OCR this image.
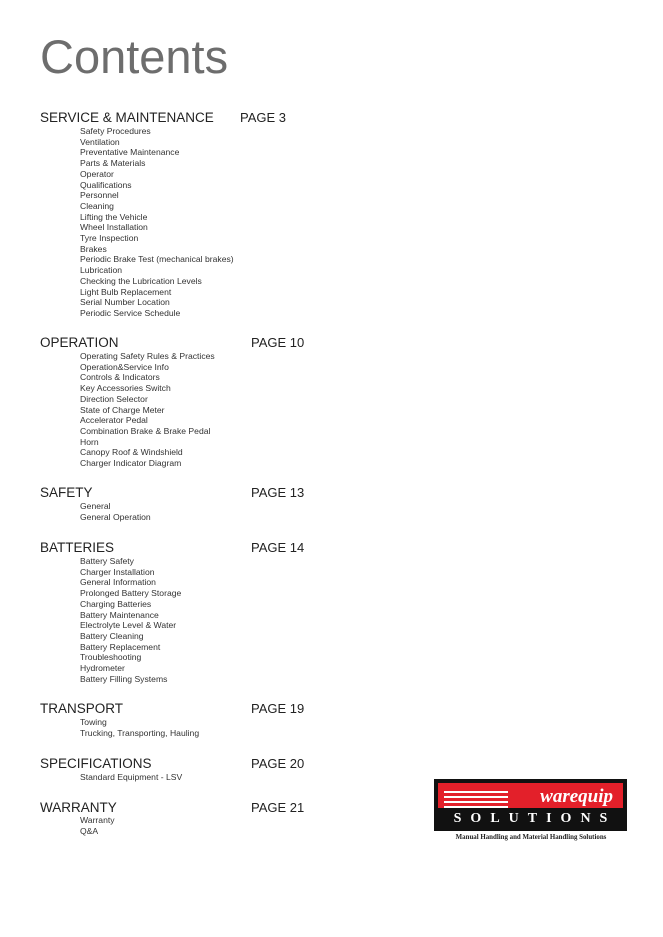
Contents
SERVICE & MAINTENANCE PAGE 3
Safety Procedures
Ventilation
Preventative Maintenance
Parts & Materials
Operator
Qualifications
Personnel
Cleaning
Lifting the Vehicle
Wheel Installation
Tyre Inspection
Brakes
Periodic Brake Test (mechanical brakes)
Lubrication
Checking the Lubrication Levels
Light Bulb Replacement
Serial Number Location
Periodic Service Schedule
OPERATION	PAGE 10
Operating Safety Rules & Practices
Operation&Service Info
Controls & Indicators
Key Accessories Switch
Direction Selector
State of Charge Meter
Accelerator Pedal
Combination Brake & Brake Pedal
Horn
Canopy Roof & Windshield
Charger Indicator Diagram
SAFETY	PAGE 13
General
General Operation
BATTERIES	PAGE 14
Battery Safety
Charger Installation
General Information
Prolonged Battery Storage
Charging Batteries
Battery Maintenance
Electrolyte Level & Water
Battery Cleaning
Battery Replacement
Troubleshooting
Hydrometer
Battery Filling Systems
TRANSPORT	PAGE 19
Towing
Trucking, Transporting, Hauling
SPECIFICATIONS	PAGE 20
Standard Equipment - LSV
WARRANTY	PAGE 21
Warranty
Q&A
warequip
SOLUTIONS
Manual Handling and Material Handling Solutions
